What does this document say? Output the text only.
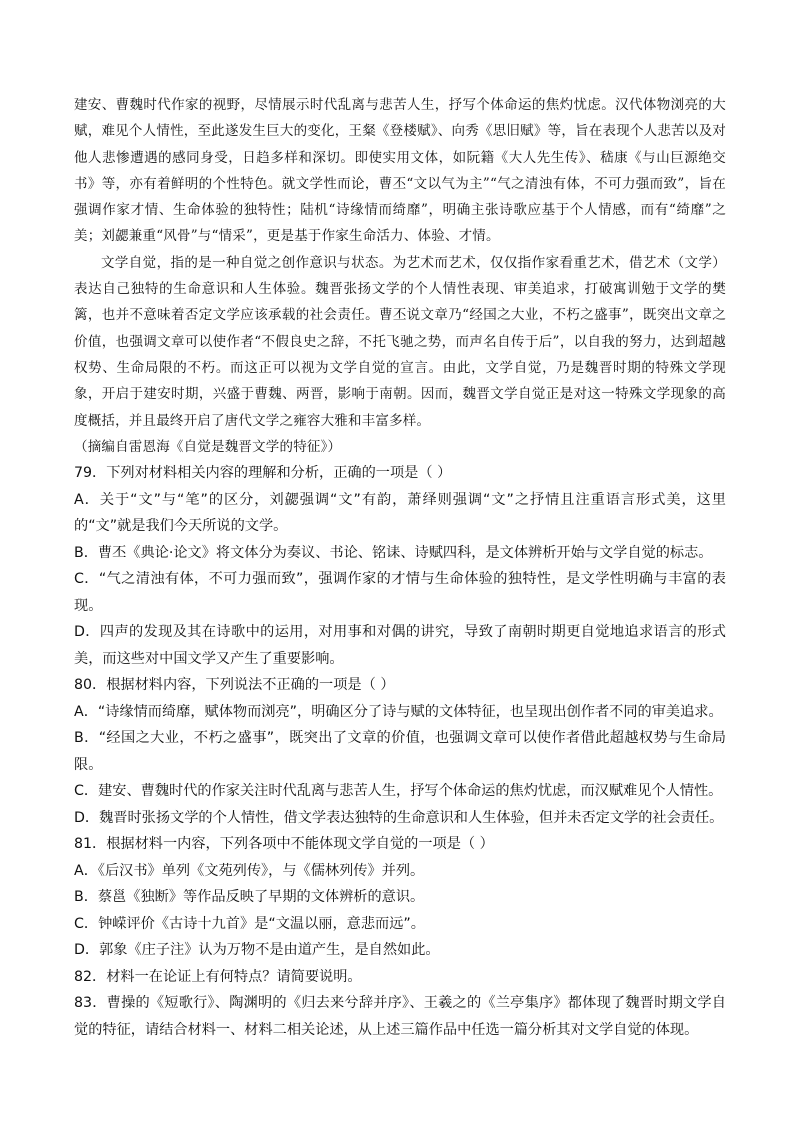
建安、曹魏时代作家的视野，尽情展示时代乱离与悲苦人生，抒写个体命运的焦灼忧虑。汉代体物浏亮的大赋，难见个人情性，至此遂发生巨大的变化，王粲《登楼赋》、向秀《思旧赋》等，旨在表现个人悲苦以及对他人悲惨遭遇的感同身受，日趋多样和深切。即使实用文体，如阮籍《大人先生传》、嵇康《与山巨源绝交书》等，亦有着鲜明的个性特色。就文学性而论，曹丕“文以气为主”“气之清浊有体，不可力强而致”，旨在强调作家才情、生命体验的独特性；陆机“诗缘情而绮靡”，明确主张诗歌应基于个人情感，而有“绮靡”之美；刘勰兼重“风骨”与“情采”，更是基于作家生命活力、体验、才情。

文学自觉，指的是一种自觉之创作意识与状态。为艺术而艺术，仅仅指作家看重艺术，借艺术（文学）表达自己独特的生命意识和人生体验。魏晋张扬文学的个人情性表现、审美追求，打破寓训勉于文学的樊篱，也并不意味着否定文学应该承载的社会责任。曹丕说文章乃“经国之大业，不朽之盛事”，既突出文章之价值，也强调文章可以使作者“不假良史之辞，不托飞驰之势，而声名自传于后”，以自我的努力，达到超越权势、生命局限的不朽。而这正可以视为文学自觉的宣言。由此，文学自觉，乃是魏晋时期的特殊文学现象，开启于建安时期，兴盛于曹魏、两晋，影响于南朝。因而，魏晋文学自觉正是对这一特殊文学现象的高度概括，并且最终开启了唐代文学之雍容大雅和丰富多样。

（摘编自雷恩海《自觉是魏晋文学的特征》）

79．下列对材料相关内容的理解和分析，正确的一项是（ ）

A．关于“文”与“笔”的区分，刘勰强调“文”有韵，萧绎则强调“文”之抒情且注重语言形式美，这里的“文”就是我们今天所说的文学。

B．曹丕《典论·论文》将文体分为奏议、书论、铭诔、诗赋四科，是文体辨析开始与文学自觉的标志。

C．“气之清浊有体，不可力强而致”，强调作家的才情与生命体验的独特性，是文学性明确与丰富的表现。

D．四声的发现及其在诗歌中的运用，对用事和对偶的讲究，导致了南朝时期更自觉地追求语言的形式美，而这些对中国文学又产生了重要影响。

80．根据材料内容，下列说法不正确的一项是（ ）

A．“诗缘情而绮靡，赋体物而浏亮”，明确区分了诗与赋的文体特征，也呈现出创作者不同的审美追求。

B．“经国之大业，不朽之盛事”，既突出了文章的价值，也强调文章可以使作者借此超越权势与生命局限。

C．建安、曹魏时代的作家关注时代乱离与悲苦人生，抒写个体命运的焦灼忧虑，而汉赋难见个人情性。

D．魏晋时张扬文学的个人情性，借文学表达独特的生命意识和人生体验，但并未否定文学的社会责任。

81．根据材料一内容，下列各项中不能体现文学自觉的一项是（ ）

A．《后汉书》单列《文苑列传》，与《儒林列传》并列。

B．蔡邕《独断》等作品反映了早期的文体辨析的意识。

C．钟嵘评价《古诗十九首》是“文温以丽，意悲而远”。

D．郭象《庄子注》认为万物不是由道产生，是自然如此。

82．材料一在论证上有何特点？请简要说明。

83．曹操的《短歌行》、陶渊明的《归去来兮辞并序》、王羲之的《兰亭集序》都体现了魏晋时期文学自觉的特征，请结合材料一、材料二相关论述，从上述三篇作品中任选一篇分析其对文学自觉的体现。
